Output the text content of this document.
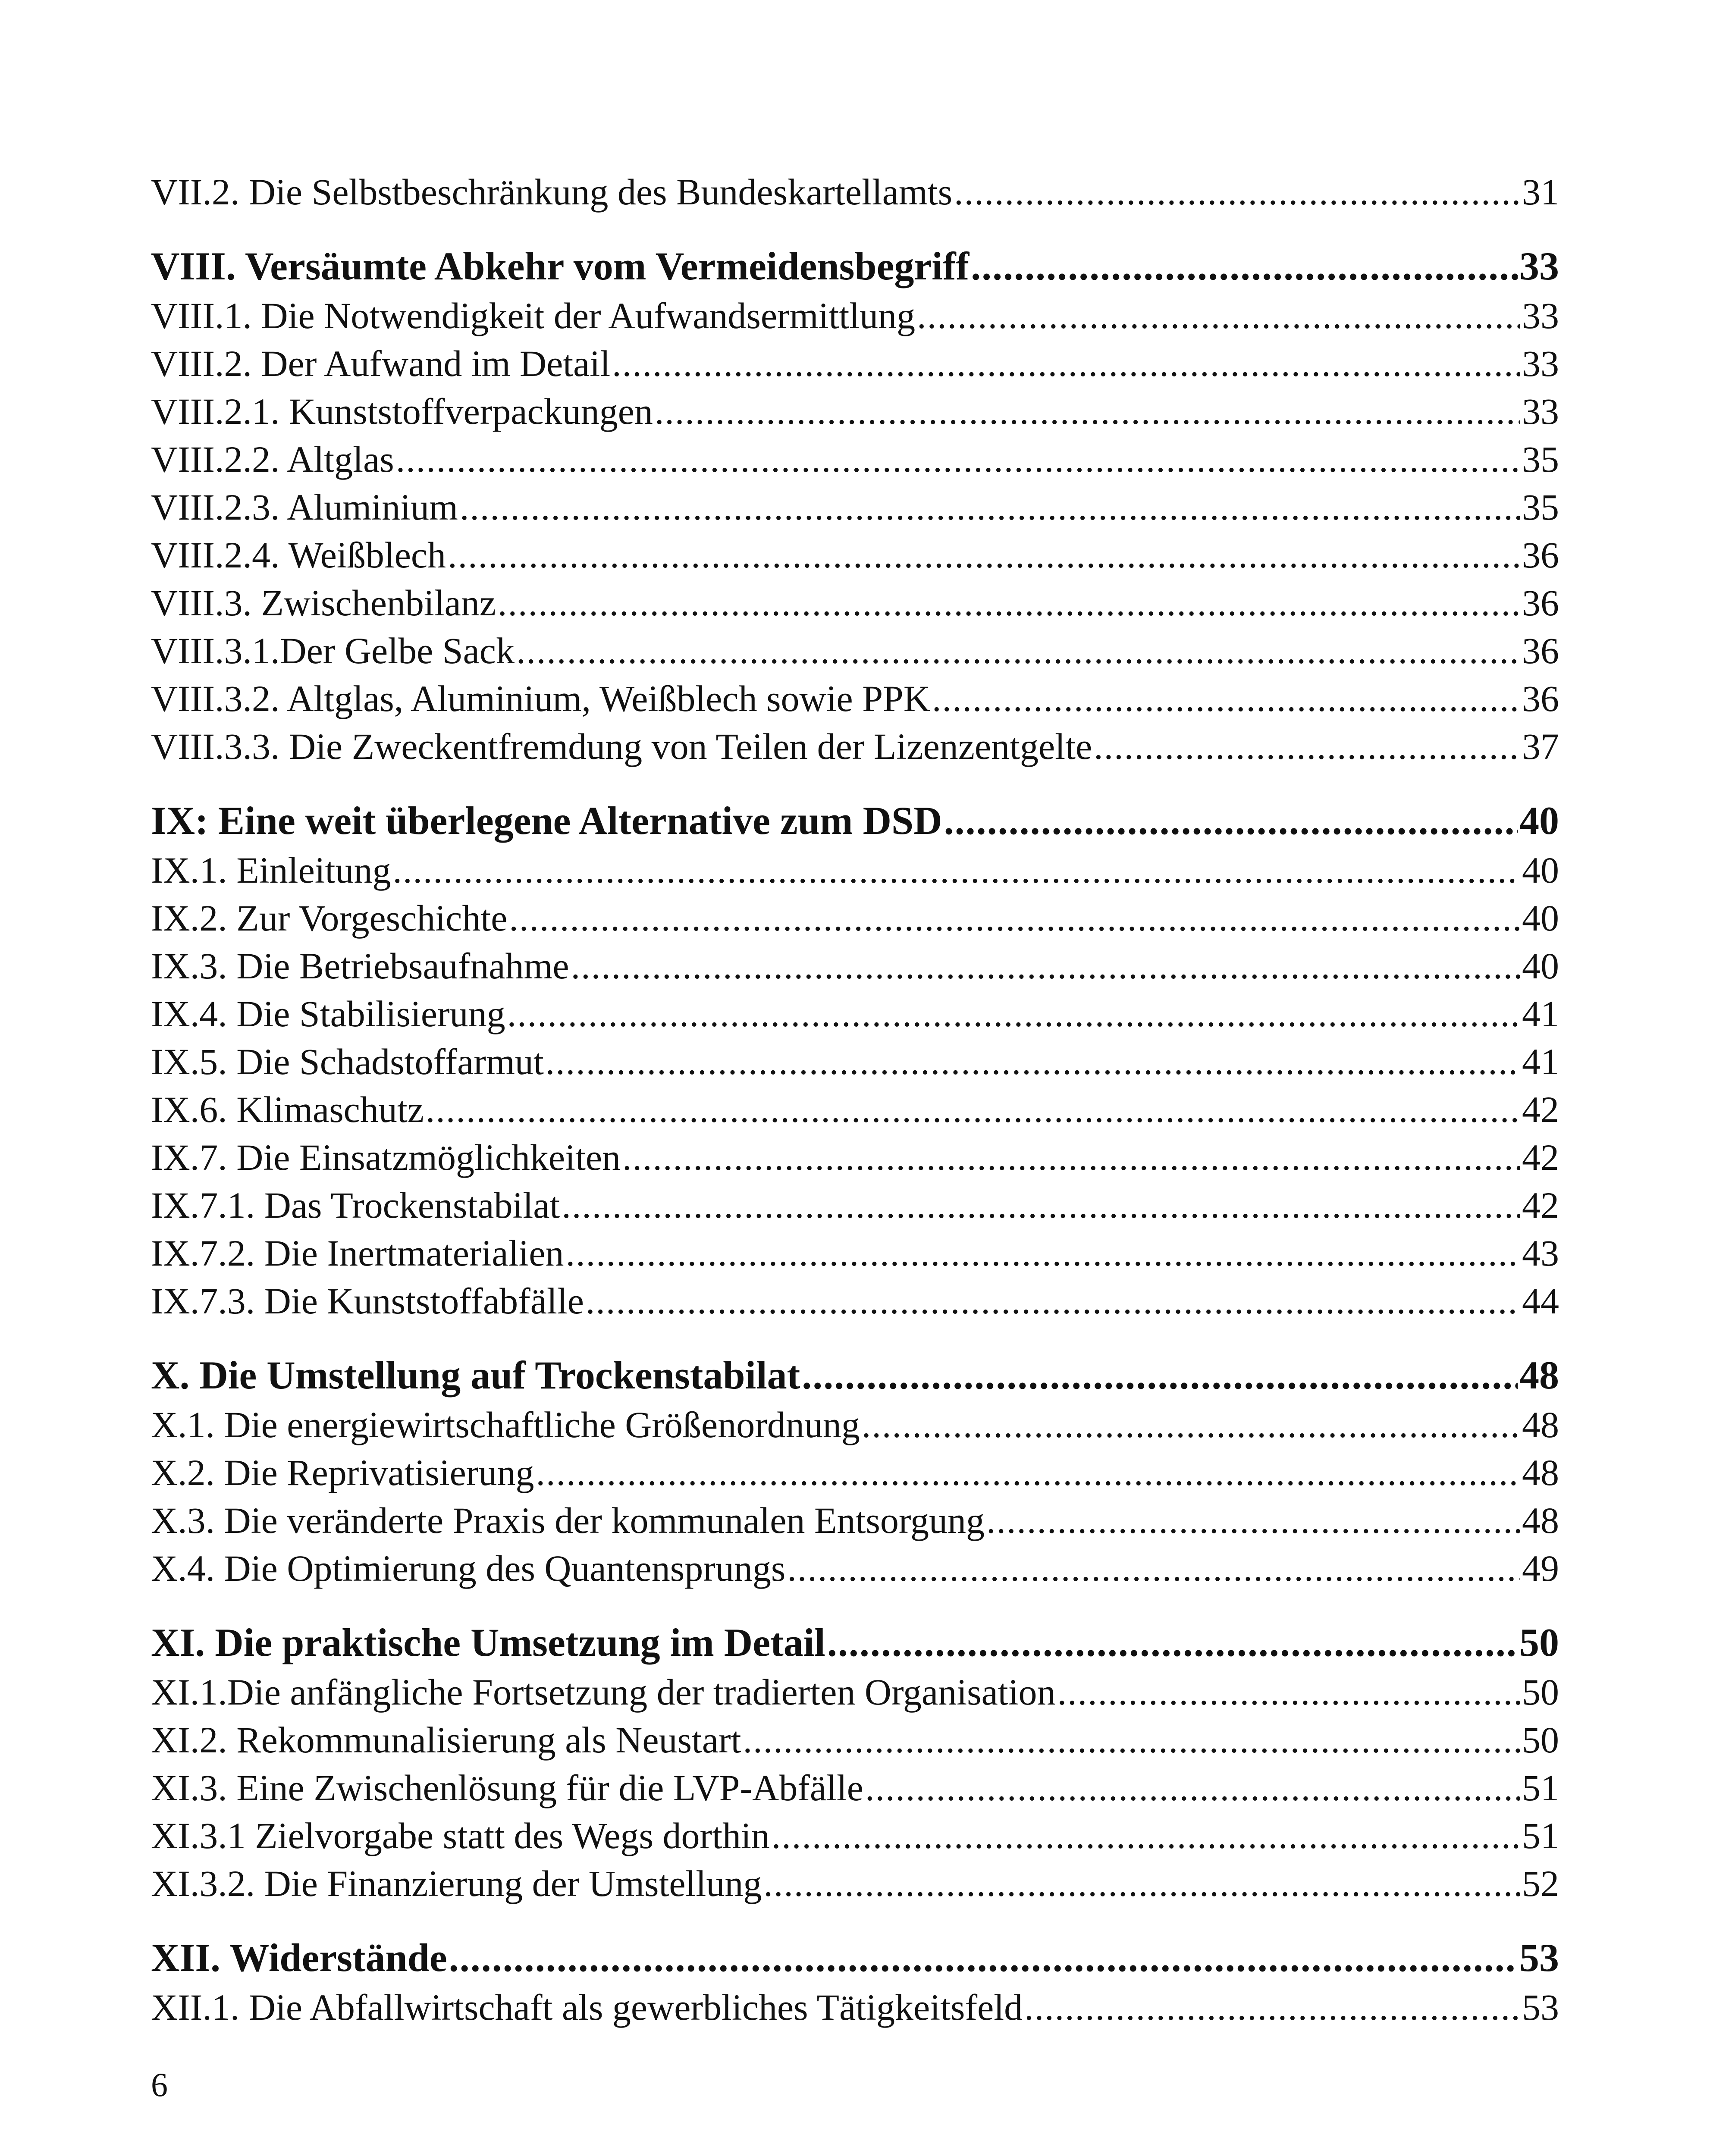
VII.2. Die Selbstbeschränkung des Bundeskartellamts .....	31
VIII. Versäumte Abkehr vom Vermeidensbegriff .....	33
VIII.1. Die Notwendigkeit der Aufwandsermittlung .....	33
VIII.2. Der Aufwand im Detail .....	33
VIII.2.1. Kunststoffverpackungen .....	33
VIII.2.2. Altglas .....	35
VIII.2.3. Aluminium .....	35
VIII.2.4. Weißblech .....	36
VIII.3. Zwischenbilanz .....	36
VIII.3.1.Der Gelbe Sack .....	36
VIII.3.2. Altglas, Aluminium, Weißblech sowie PPK .....	36
VIII.3.3. Die Zweckentfremdung von Teilen der Lizenzentgelte .....	37
IX: Eine weit überlegene Alternative zum DSD .....	40
IX.1. Einleitung .....	40
IX.2. Zur Vorgeschichte .....	40
IX.3. Die Betriebsaufnahme .....	40
IX.4. Die Stabilisierung .....	41
IX.5. Die Schadstoffarmut .....	41
IX.6. Klimaschutz .....	42
IX.7. Die Einsatzmöglichkeiten .....	42
IX.7.1. Das Trockenstabilat .....	42
IX.7.2. Die Inertmaterialien .....	43
IX.7.3. Die Kunststoffabfälle .....	44
X. Die Umstellung auf Trockenstabilat .....	48
X.1. Die energiewirtschaftliche Größenordnung .....	48
X.2. Die Reprivatisierung .....	48
X.3. Die veränderte Praxis der kommunalen Entsorgung .....	48
X.4. Die Optimierung des Quantensprungs .....	49
XI. Die praktische Umsetzung im Detail .....	50
XI.1.Die anfängliche Fortsetzung der tradierten Organisation .....	50
XI.2. Rekommunalisierung als Neustart .....	50
XI.3. Eine Zwischenlösung für die LVP-Abfälle .....	51
XI.3.1 Zielvorgabe statt des Wegs dorthin .....	51
XI.3.2. Die Finanzierung der Umstellung .....	52
XII. Widerstände .....	53
XII.1. Die Abfallwirtschaft als gewerbliches Tätigkeitsfeld .....	53
6
